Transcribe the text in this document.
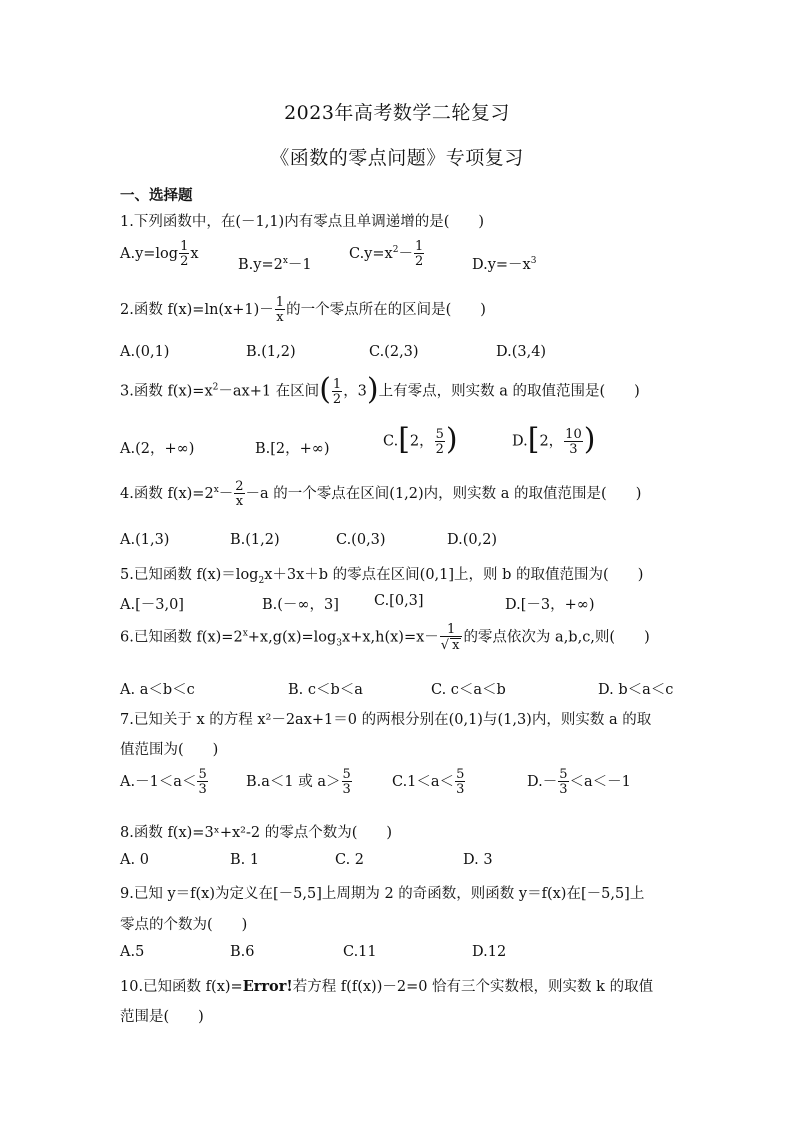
2023年高考数学二轮复习
《函数的零点问题》专项复习
一、选择题
1.下列函数中，在(－1,1)内有零点且单调递增的是(　　)
$A.y=\log \frac{1}{2}$ x
$B.y=2^x-1$
$C.y=x^2- \frac{1}{2}$	$D.y=-x^3$
2.函数 $f(x)=\ln(x+1)- \frac{1}{x}$ 的一个零点所在的区间是(　　)
A.(0,1)	B.(1,2)	C.(2,3)	D.(3,4)
3.函数 $f(x)=x^2-ax+1$ 在区间( $\frac{1}{2}$ ，3)上有零点，则实数 a 的取值范围是(　　)
A.(2，+∞)	B.[2，+∞)	C.[2， $\frac{5}{2}$ )	D.[2， $\frac{10}{3}$ )
4.函数 $f(x)=2^x- \frac{2}{x} -a$ 的一个零点在区间(1,2)内，则实数 a 的取值范围是(　　)
A.(1,3)	B.(1,2)	C.(0,3)	D.(0,2)
5.已知函数 $f(x)=\log_2x+3x+b$ 的零点在区间(0,1]上，则 b 的取值范围为(　　)
A.[－3,0]	B.(－∞，3] C.[0,3]	D.[－3，+∞)
6.已知函数 $f(x)=2^x+x,g(x)=\log_3x+x,h(x)=x- \frac{1}{√ x}$ 的零点依次为 a,b,c,则(　　)
A. a＜b＜c	B. c＜b＜a	C. c＜a＜b	D. b＜a＜c
7.已知关于 x 的方程 x²－2ax+1＝0 的两根分别在(0,1)与(1,3)内，则实数 a 的取
值范围为(　　)
$A.-1<a< \frac{5}{3}$	B.a＜1 或 $a> \frac{5}{3}$	$C.1<a< \frac{5}{3}$	$D.- \frac{5}{3} <a<-1$
8.函数 f(x)=3ˣ+x²-2 的零点个数为(　　)
A. 0	B. 1	C. 2	D. 3
9.已知 y＝f(x)为定义在[－5,5]上周期为 2 的奇函数，则函数 y＝f(x)在[－5,5]上
零点的个数为(　　)
A.5	B.6	C.11	D.12
10.已知函数 f(x)=Error!若方程 f(f(x))－2=0 恰有三个实数根，则实数 k 的取值
范围是(　　)
